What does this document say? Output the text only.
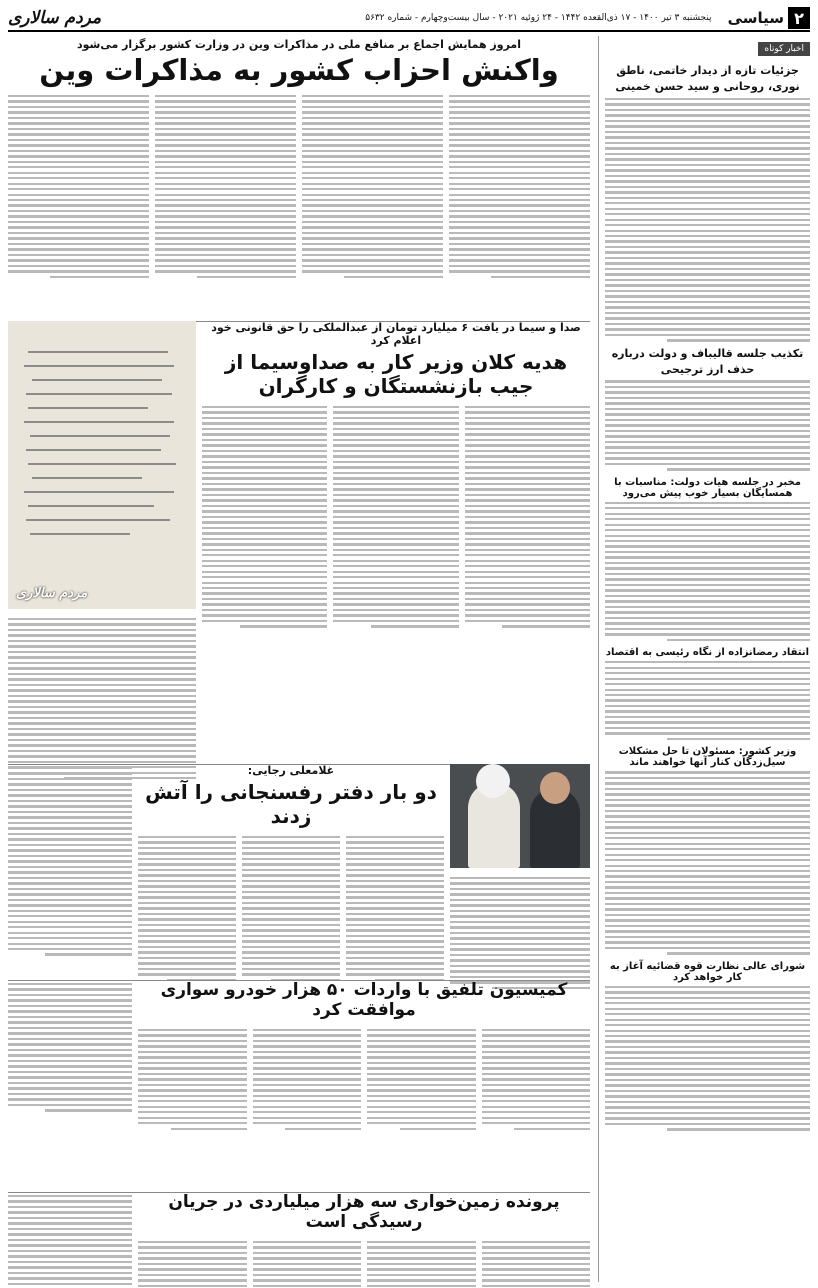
۲
سیاسی
پنجشنبه ۳ تیر ۱۴۰۰ - ۱۷ ذی‌القعده ۱۴۴۲ - ۲۴ ژوئیه ۲۰۲۱ - سال بیست‌وچهارم - شماره ۵۶۳۲
مردم سالاری
اخبار کوتاه
جزئیات تازه از دیدار خاتمی، ناطق نوری، روحانی و سید حسن خمینی
تکذیب جلسه قالیباف و دولت درباره حذف ارز ترجیحی
مخبر در جلسه هیات دولت: مناسبات با همسایگان بسیار خوب پیش می‌رود
انتقاد رمضانزاده از نگاه رئیسی به اقتصاد
وزیر کشور: مسئولان تا حل مشکلات سیل‌زدگان کنار آنها خواهند ماند
شورای عالی نظارت قوه قضائیه آغاز به کار خواهد کرد
امروز همایش اجماع بر منافع ملی در مذاکرات وین در وزارت کشور برگزار می‌شود
واکنش احزاب کشور به مذاکرات وین
مردم سالاری
صدا و سیما در یافت ۶ میلیارد تومان از عبدالملکی را حق قانونی خود اعلام کرد
هدیه کلان وزیر کار به صداوسیما از جیب بازنشستگان و کارگران
غلامعلی رجایی:
دو بار دفتر رفسنجانی را آتش زدند
کمیسیون تلفیق با واردات ۵۰ هزار خودرو سواری موافقت کرد
پرونده زمین‌خواری سه هزار میلیاردی در جریان رسیدگی است
